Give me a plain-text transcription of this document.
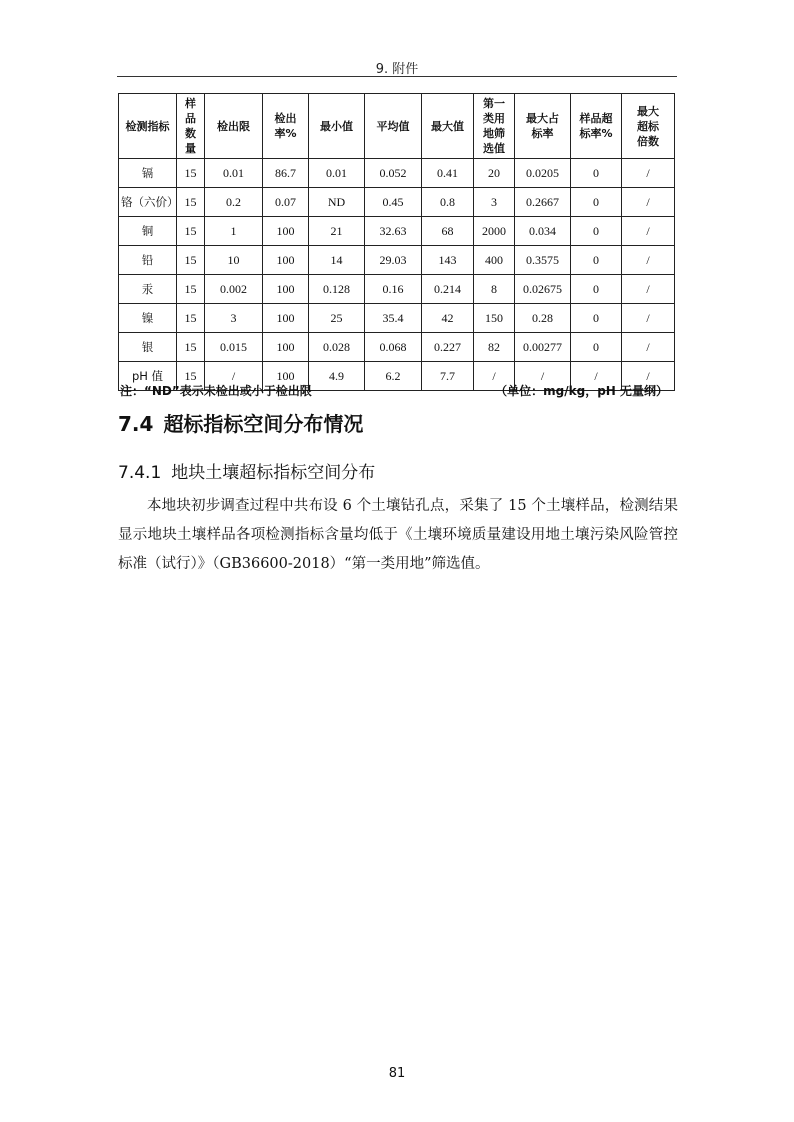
9. 附件
检测指标	样品数量	检出限	检出率%	最小值	平均值	最大值	第一类用地筛选值	最大占标率	样品超标率%	最大超标倍数
镉	15	0.01	86.7	0.01	0.052	0.41	20	0.0205	0	/
铬（六价）	15	0.2	0.07	ND	0.45	0.8	3	0.2667	0	/
铜	15	1	100	21	32.63	68	2000	0.034	0	/
铅	15	10	100	14	29.03	143	400	0.3575	0	/
汞	15	0.002	100	0.128	0.16	0.214	8	0.02675	0	/
镍	15	3	100	25	35.4	42	150	0.28	0	/
银	15	0.015	100	0.028	0.068	0.227	82	0.00277	0	/
pH 值	15	/	100	4.9	6.2	7.7	/	/	/	/
注：“ND”表示未检出或小于检出限	（单位：mg/kg，pH 无量纲）
7.4 超标指标空间分布情况
7.4.1 地块土壤超标指标空间分布

本地块初步调查过程中共布设 6 个土壤钻孔点，采集了 15 个土壤样品，检测结果显示地块土壤样品各项检测指标含量均低于《土壤环境质量建设用地土壤污染风险管控标准（试行）》（GB36600-2018）“第一类用地”筛选值。

81
